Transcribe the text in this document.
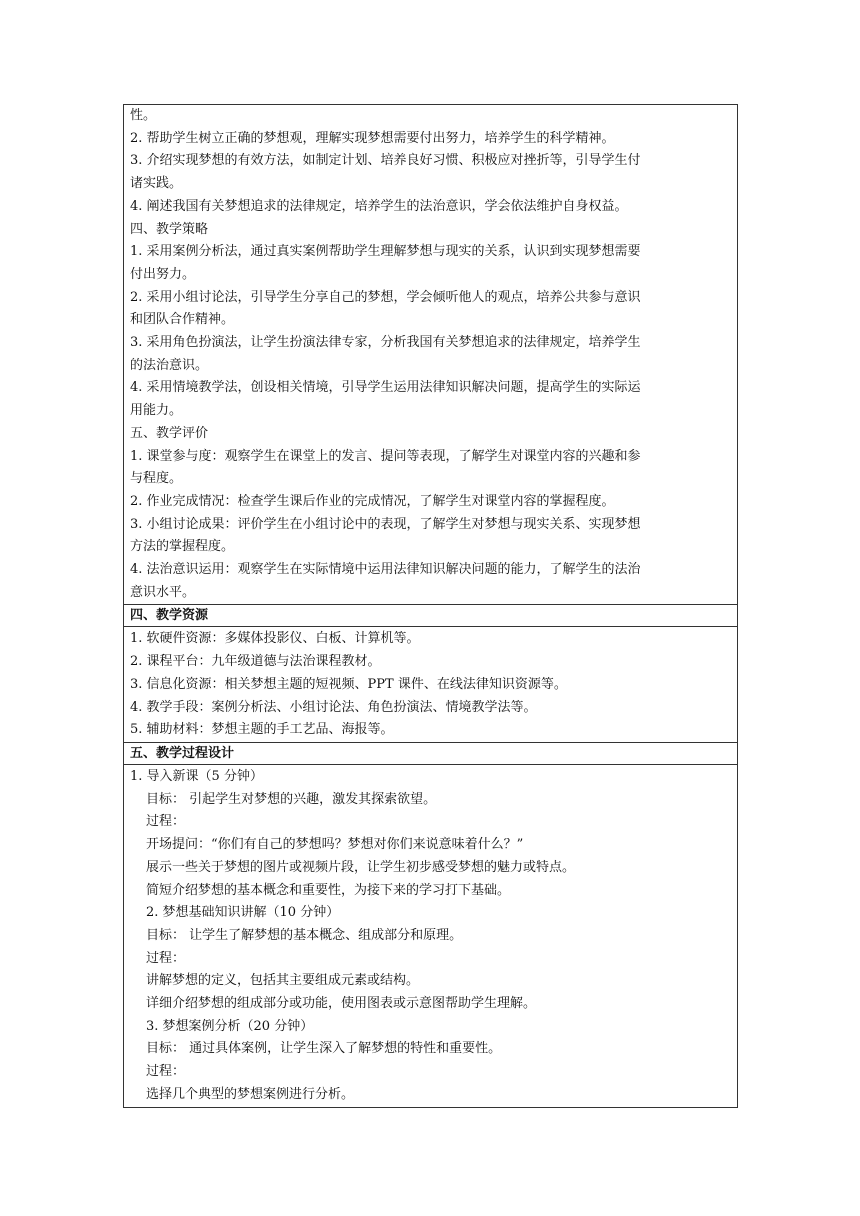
性。
2. 帮助学生树立正确的梦想观，理解实现梦想需要付出努力，培养学生的科学精神。
3. 介绍实现梦想的有效方法，如制定计划、培养良好习惯、积极应对挫折等，引导学生付
诸实践。
4. 阐述我国有关梦想追求的法律规定，培养学生的法治意识，学会依法维护自身权益。
四、教学策略
1. 采用案例分析法，通过真实案例帮助学生理解梦想与现实的关系，认识到实现梦想需要
付出努力。
2. 采用小组讨论法，引导学生分享自己的梦想，学会倾听他人的观点，培养公共参与意识
和团队合作精神。
3. 采用角色扮演法，让学生扮演法律专家，分析我国有关梦想追求的法律规定，培养学生
的法治意识。
4. 采用情境教学法，创设相关情境，引导学生运用法律知识解决问题，提高学生的实际运
用能力。
五、教学评价
1. 课堂参与度：观察学生在课堂上的发言、提问等表现，了解学生对课堂内容的兴趣和参
与程度。
2. 作业完成情况：检查学生课后作业的完成情况，了解学生对课堂内容的掌握程度。
3. 小组讨论成果：评价学生在小组讨论中的表现，了解学生对梦想与现实关系、实现梦想
方法的掌握程度。
4. 法治意识运用：观察学生在实际情境中运用法律知识解决问题的能力，了解学生的法治
意识水平。
四、教学资源
1. 软硬件资源：多媒体投影仪、白板、计算机等。
2. 课程平台：九年级道德与法治课程教材。
3. 信息化资源：相关梦想主题的短视频、PPT 课件、在线法律知识资源等。
4. 教学手段：案例分析法、小组讨论法、角色扮演法、情境教学法等。
5. 辅助材料：梦想主题的手工艺品、海报等。
五、教学过程设计
1. 导入新课（5 分钟）
目标： 引起学生对梦想的兴趣，激发其探索欲望。
过程：
开场提问：“你们有自己的梦想吗？梦想对你们来说意味着什么？”
展示一些关于梦想的图片或视频片段，让学生初步感受梦想的魅力或特点。
简短介绍梦想的基本概念和重要性，为接下来的学习打下基础。
2. 梦想基础知识讲解（10 分钟）
目标： 让学生了解梦想的基本概念、组成部分和原理。
过程：
讲解梦想的定义，包括其主要组成元素或结构。
详细介绍梦想的组成部分或功能，使用图表或示意图帮助学生理解。
3. 梦想案例分析（20 分钟）
目标： 通过具体案例，让学生深入了解梦想的特性和重要性。
过程：
选择几个典型的梦想案例进行分析。
